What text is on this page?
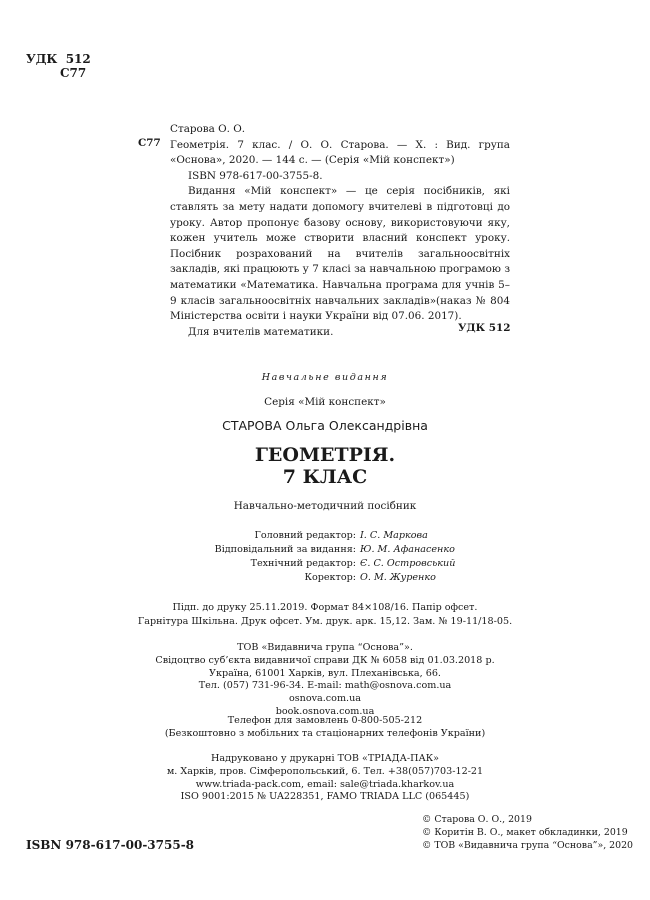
УДК 512
С77
С77

Старова О. О.

Геометрія. 7 клас. / О. О. Старова. — Х. : Вид. група «Основа», 2020. — 144 с. — (Серія «Мій конспект»)

ISBN 978-617-00-3755-8.

Видання «Мій конспект» — це серія посібників, які ставлять за мету надати допомогу вчителеві в підготовці до уроку. Автор пропонує базову основу, використовуючи яку, кожен учитель може створити власний конспект уроку. Посібник розрахований на вчителів загальноосвітніх закладів, які працюють у 7 класі за навчальною програмою з математики «Математика. Навчальна програма для учнів 5–9 класів загальноосвітніх навчальних закладів»(наказ № 804 Міністерства освіти і науки України від 07.06. 2017).

Для вчителів математики.	УДК 512
Навчальне видання
Серія «Мій конспект»
СТАРОВА Ольга Олександрівна
ГЕОМЕТРІЯ.
7 КЛАС
Навчально-методичний посібник
Головний редактор: І. С. Маркова
Відповідальний за видання: Ю. М. Афанасенко
Технічний редактор: Є. С. Островський
Коректор: О. М. Журенко
Підп. до друку 25.11.2019. Формат 84×108/16. Папір офсет.
Гарнітура Шкільна. Друк офсет. Ум. друк. арк. 15,12. Зам. № 19-11/18-05.
ТОВ «Видавнича група “Основа”».
Свідоцтво суб’єкта видавничої справи ДК № 6058 від 01.03.2018 р.
Україна, 61001 Харків, вул. Плеханівська, 66.
Тел. (057) 731-96-34. E-mail: math@osnova.com.ua
osnova.com.ua
book.osnova.com.ua
Телефон для замовлень 0-800-505-212
(Безкоштовно з мобільних та стаціонарних телефонів України)
Надруковано у друкарні ТОВ «ТРІАДА-ПАК»
м. Харків, пров. Сімферопольський, 6. Тел. +38(057)703-12-21
www.triada-pack.com, email: sale@triada.kharkov.ua
ISO 9001:2015 № UA228351, FAMO TRIADA LLC (065445)
© Старова О. О., 2019
© Коритін В. О., макет обкладинки, 2019
© ТОВ «Видавнича група “Основа”», 2020
ISBN 978-617-00-3755-8
